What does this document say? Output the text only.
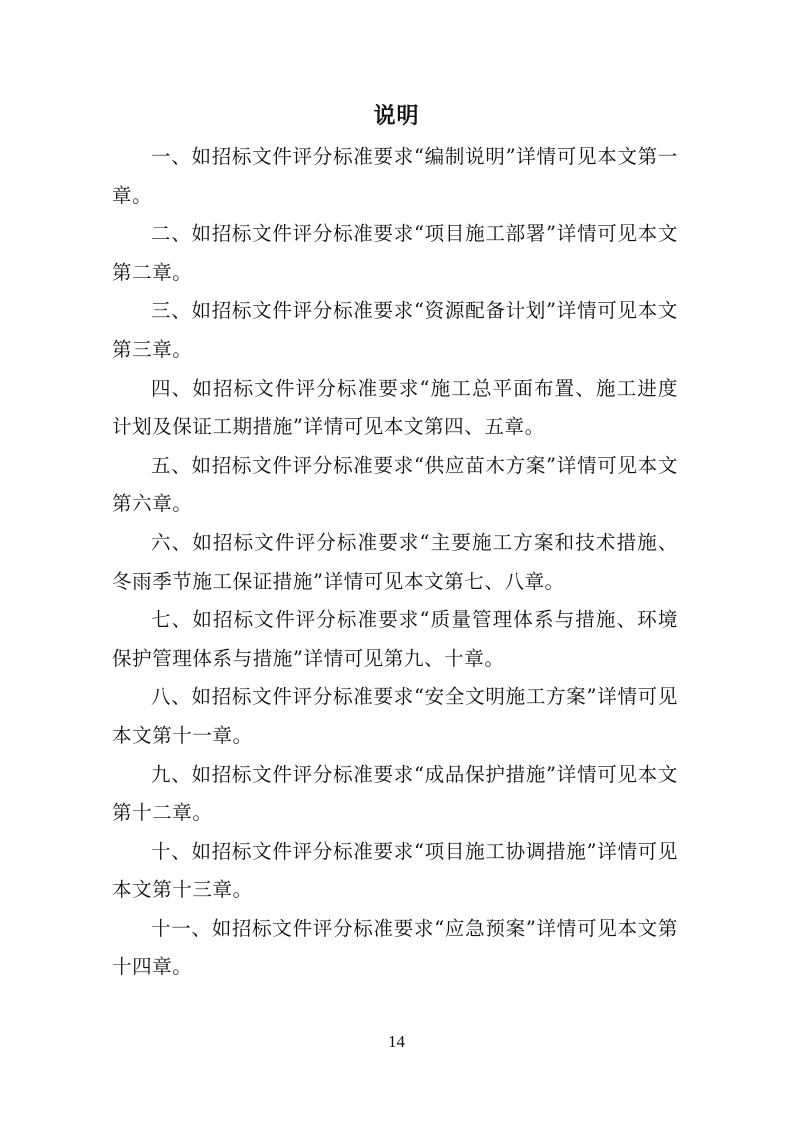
说明

一、如招标文件评分标准要求“编制说明”详情可见本文第一章。

二、如招标文件评分标准要求“项目施工部署”详情可见本文第二章。

三、如招标文件评分标准要求“资源配备计划”详情可见本文第三章。

四、如招标文件评分标准要求“施工总平面布置、施工进度计划及保证工期措施”详情可见本文第四、五章。

五、如招标文件评分标准要求“供应苗木方案”详情可见本文第六章。

六、如招标文件评分标准要求“主要施工方案和技术措施、冬雨季节施工保证措施”详情可见本文第七、八章。

七、如招标文件评分标准要求“质量管理体系与措施、环境保护管理体系与措施”详情可见第九、十章。

八、如招标文件评分标准要求“安全文明施工方案”详情可见本文第十一章。

九、如招标文件评分标准要求“成品保护措施”详情可见本文第十二章。

十、如招标文件评分标准要求“项目施工协调措施”详情可见本文第十三章。

十一、如招标文件评分标准要求“应急预案”详情可见本文第十四章。

14
